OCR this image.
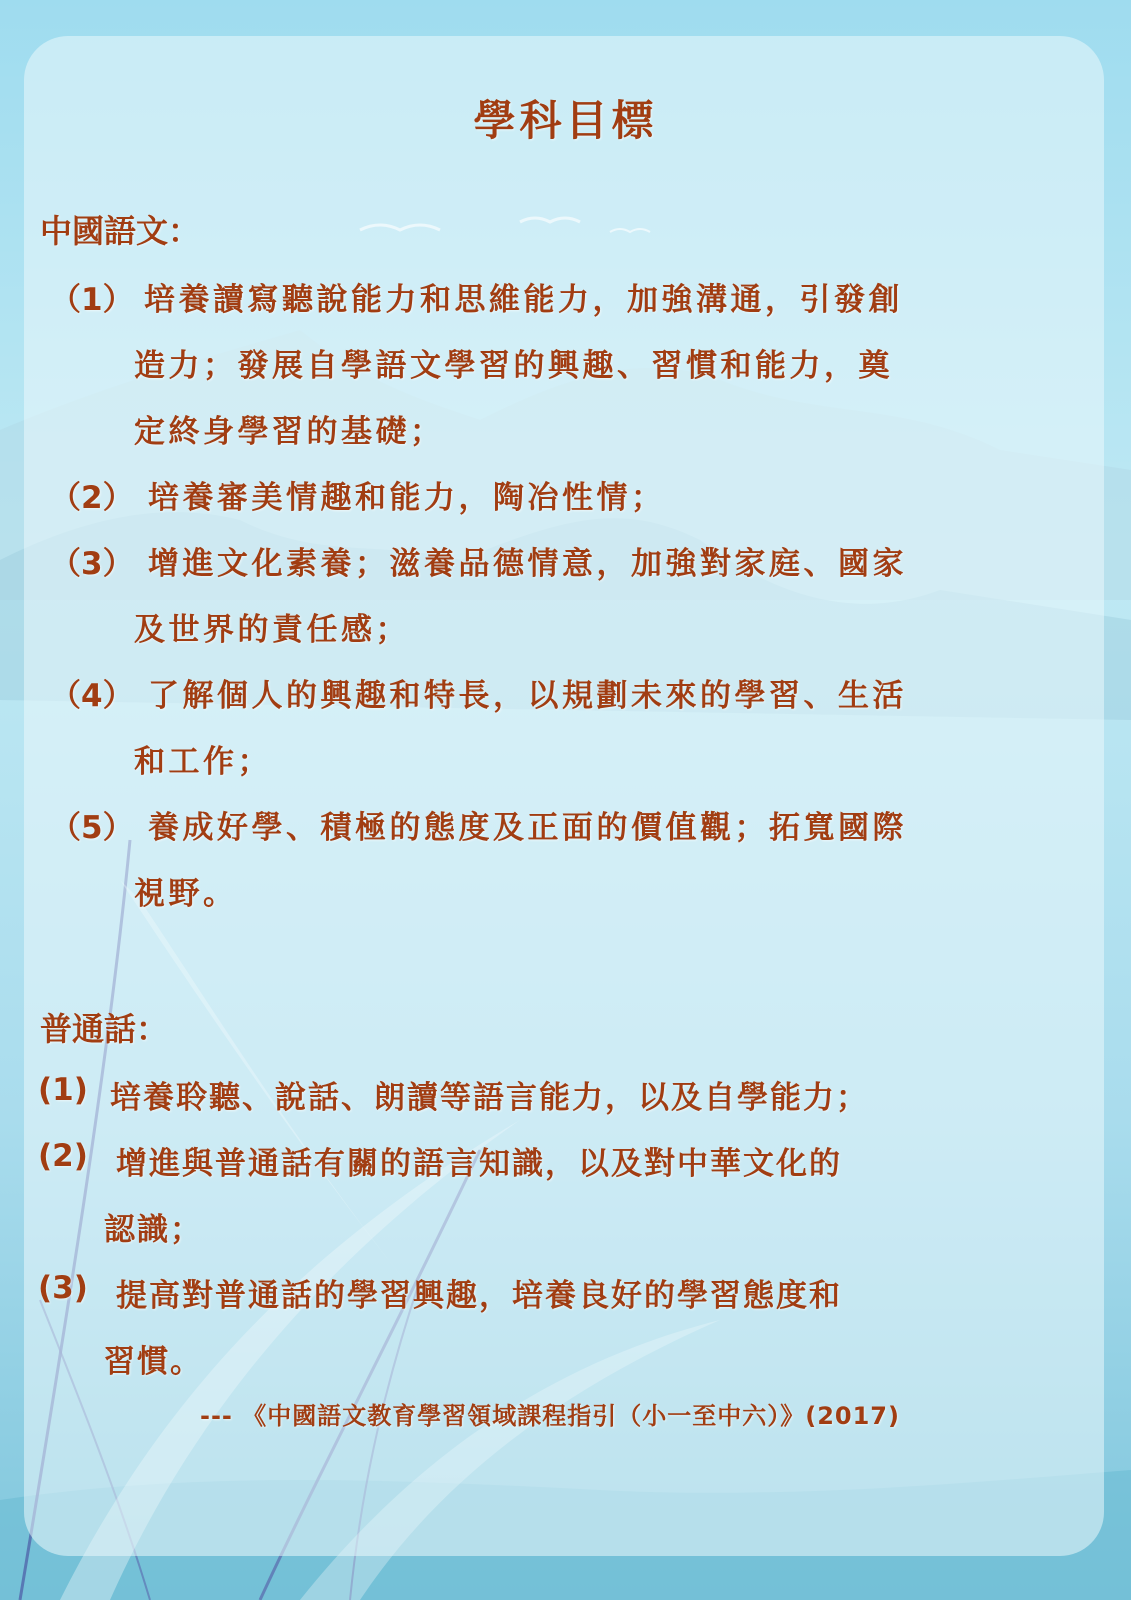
學科目標
中國語文：
（1） 培養讀寫聽說能力和思維能力，加強溝通，引發創
造力；發展自學語文學習的興趣、習慣和能力，奠
定終身學習的基礎；
（2） 培養審美情趣和能力，陶冶性情；
（3） 增進文化素養；滋養品德情意，加強對家庭、國家
及世界的責任感；
（4） 了解個人的興趣和特長，以規劃未來的學習、生活
和工作；
（5） 養成好學、積極的態度及正面的價值觀；拓寬國際
視野。
普通話：
(1) 培養聆聽、說話、朗讀等語言能力，以及自學能力；
(2) 增進與普通話有關的語言知識，以及對中華文化的
認識；
(3) 提高對普通話的學習興趣，培養良好的學習態度和
習慣。
--- 《中國語文教育學習領域課程指引（小一至中六）》(2017)
